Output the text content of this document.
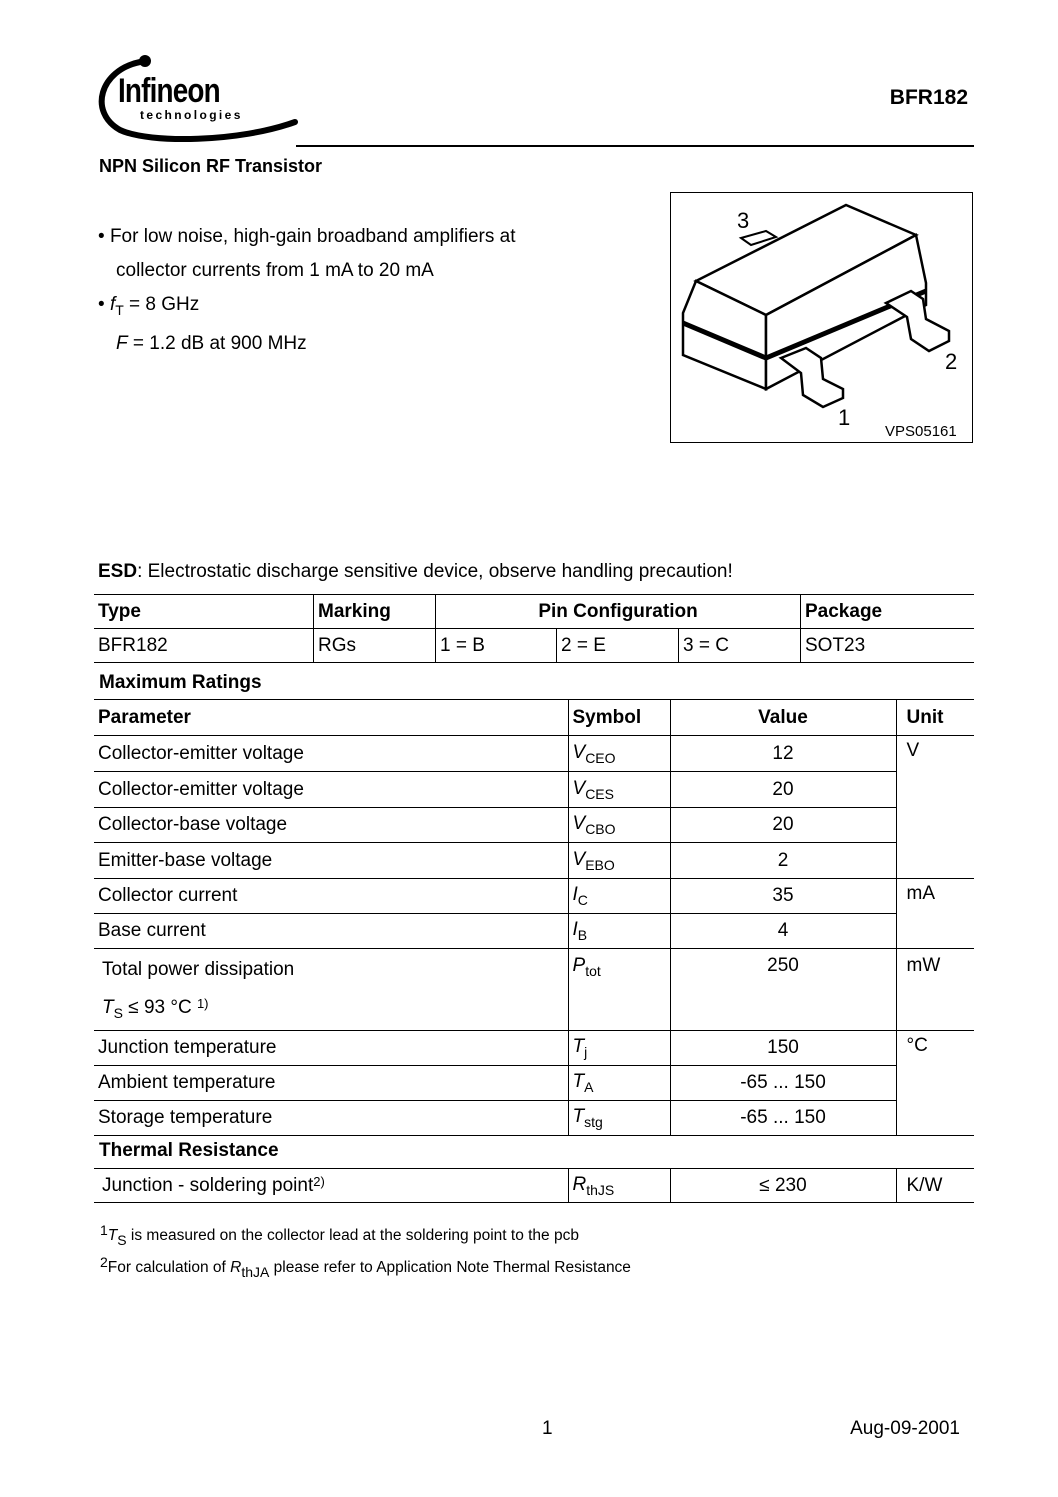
Infineon
technologies
BFR182
NPN Silicon RF Transistor
• For low noise, high-gain broadband amplifiers at
collector currents from 1 mA to 20 mA
• $f_T = 8$ GHz
F = 1.2 dB at 900 MHz
3
2
1
VPS05161
ESD: Electrostatic discharge sensitive device, observe handling precaution!
Type	Marking	Pin Configuration			Package
BFR182	RGs	1 = B	2 = E	3 = C	SOT23
Maximum Ratings
Parameter	Symbol	Value	Unit
Collector-emitter voltage	$V_{CEO}$	12	V
Collector-emitter voltage	$V_{CES}$	20	
Collector-base voltage	$V_{CBO}$	20	
Emitter-base voltage	$V_{EBO}$	2	
Collector current	$I_C$	35	mA
Base current	$I_B$	4	

Total power dissipation
$T_S \le 93$ °C $^{1)}$	$P_{tot}$	250	mW
Junction temperature	$T_j$	150	°C
Ambient temperature	$T_A$	-65 ... 150	
Storage temperature	$T_{stg}$	-65 ... 150	
Thermal Resistance
Junction - soldering point$^{2)}$	$R_{thJS}$	≤ 230	K/W
$^1T_S$ is measured on the collector lead at the soldering point to the pcb
$^2$For calculation of $R_{thJA}$ please refer to Application Note Thermal Resistance
1	Aug-09-2001
